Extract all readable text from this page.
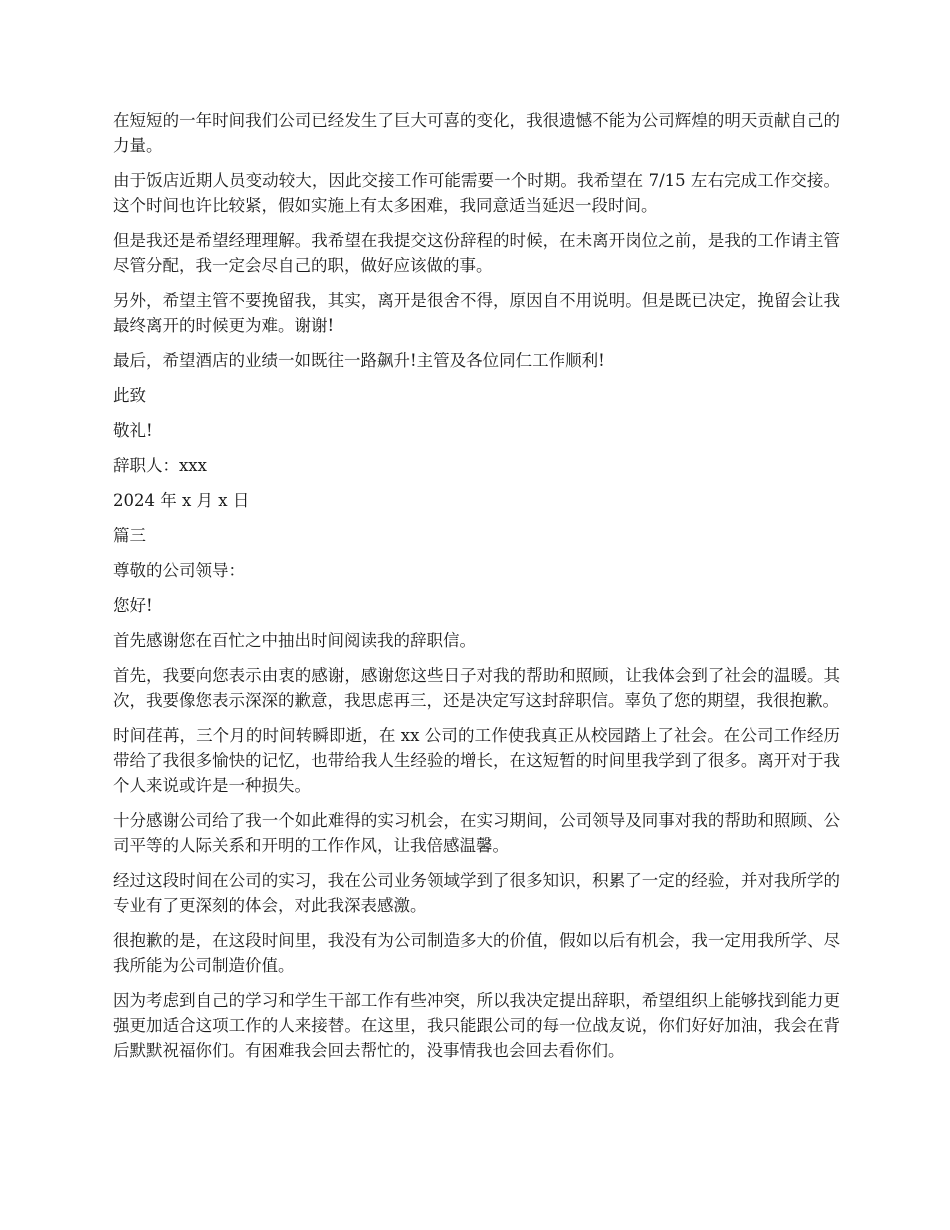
在短短的一年时间我们公司已经发生了巨大可喜的变化，我很遗憾不能为公司辉煌的明天贡献自己的力量。

由于饭店近期人员变动较大，因此交接工作可能需要一个时期。我希望在 7/15 左右完成工作交接。这个时间也许比较紧，假如实施上有太多困难，我同意适当延迟一段时间。

但是我还是希望经理理解。我希望在我提交这份辞程的时候，在未离开岗位之前，是我的工作请主管尽管分配，我一定会尽自己的职，做好应该做的事。

另外，希望主管不要挽留我，其实，离开是很舍不得，原因自不用说明。但是既已决定，挽留会让我最终离开的时候更为难。谢谢!

最后，希望酒店的业绩一如既往一路飙升!主管及各位同仁工作顺利!

此致

敬礼!

辞职人：xxx

2024 年 x 月 x 日

篇三

尊敬的公司领导：

您好!

首先感谢您在百忙之中抽出时间阅读我的辞职信。

首先，我要向您表示由衷的感谢，感谢您这些日子对我的帮助和照顾，让我体会到了社会的温暖。其次，我要像您表示深深的歉意，我思虑再三，还是决定写这封辞职信。辜负了您的期望，我很抱歉。

时间荏苒，三个月的时间转瞬即逝，在 xx 公司的工作使我真正从校园踏上了社会。在公司工作经历带给了我很多愉快的记忆，也带给我人生经验的增长，在这短暂的时间里我学到了很多。离开对于我个人来说或许是一种损失。

十分感谢公司给了我一个如此难得的实习机会，在实习期间，公司领导及同事对我的帮助和照顾、公司平等的人际关系和开明的工作作风，让我倍感温馨。

经过这段时间在公司的实习，我在公司业务领域学到了很多知识，积累了一定的经验，并对我所学的专业有了更深刻的体会，对此我深表感激。

很抱歉的是，在这段时间里，我没有为公司制造多大的价值，假如以后有机会，我一定用我所学、尽我所能为公司制造价值。

因为考虑到自己的学习和学生干部工作有些冲突，所以我决定提出辞职，希望组织上能够找到能力更强更加适合这项工作的人来接替。在这里，我只能跟公司的每一位战友说，你们好好加油，我会在背后默默祝福你们。有困难我会回去帮忙的，没事情我也会回去看你们。
